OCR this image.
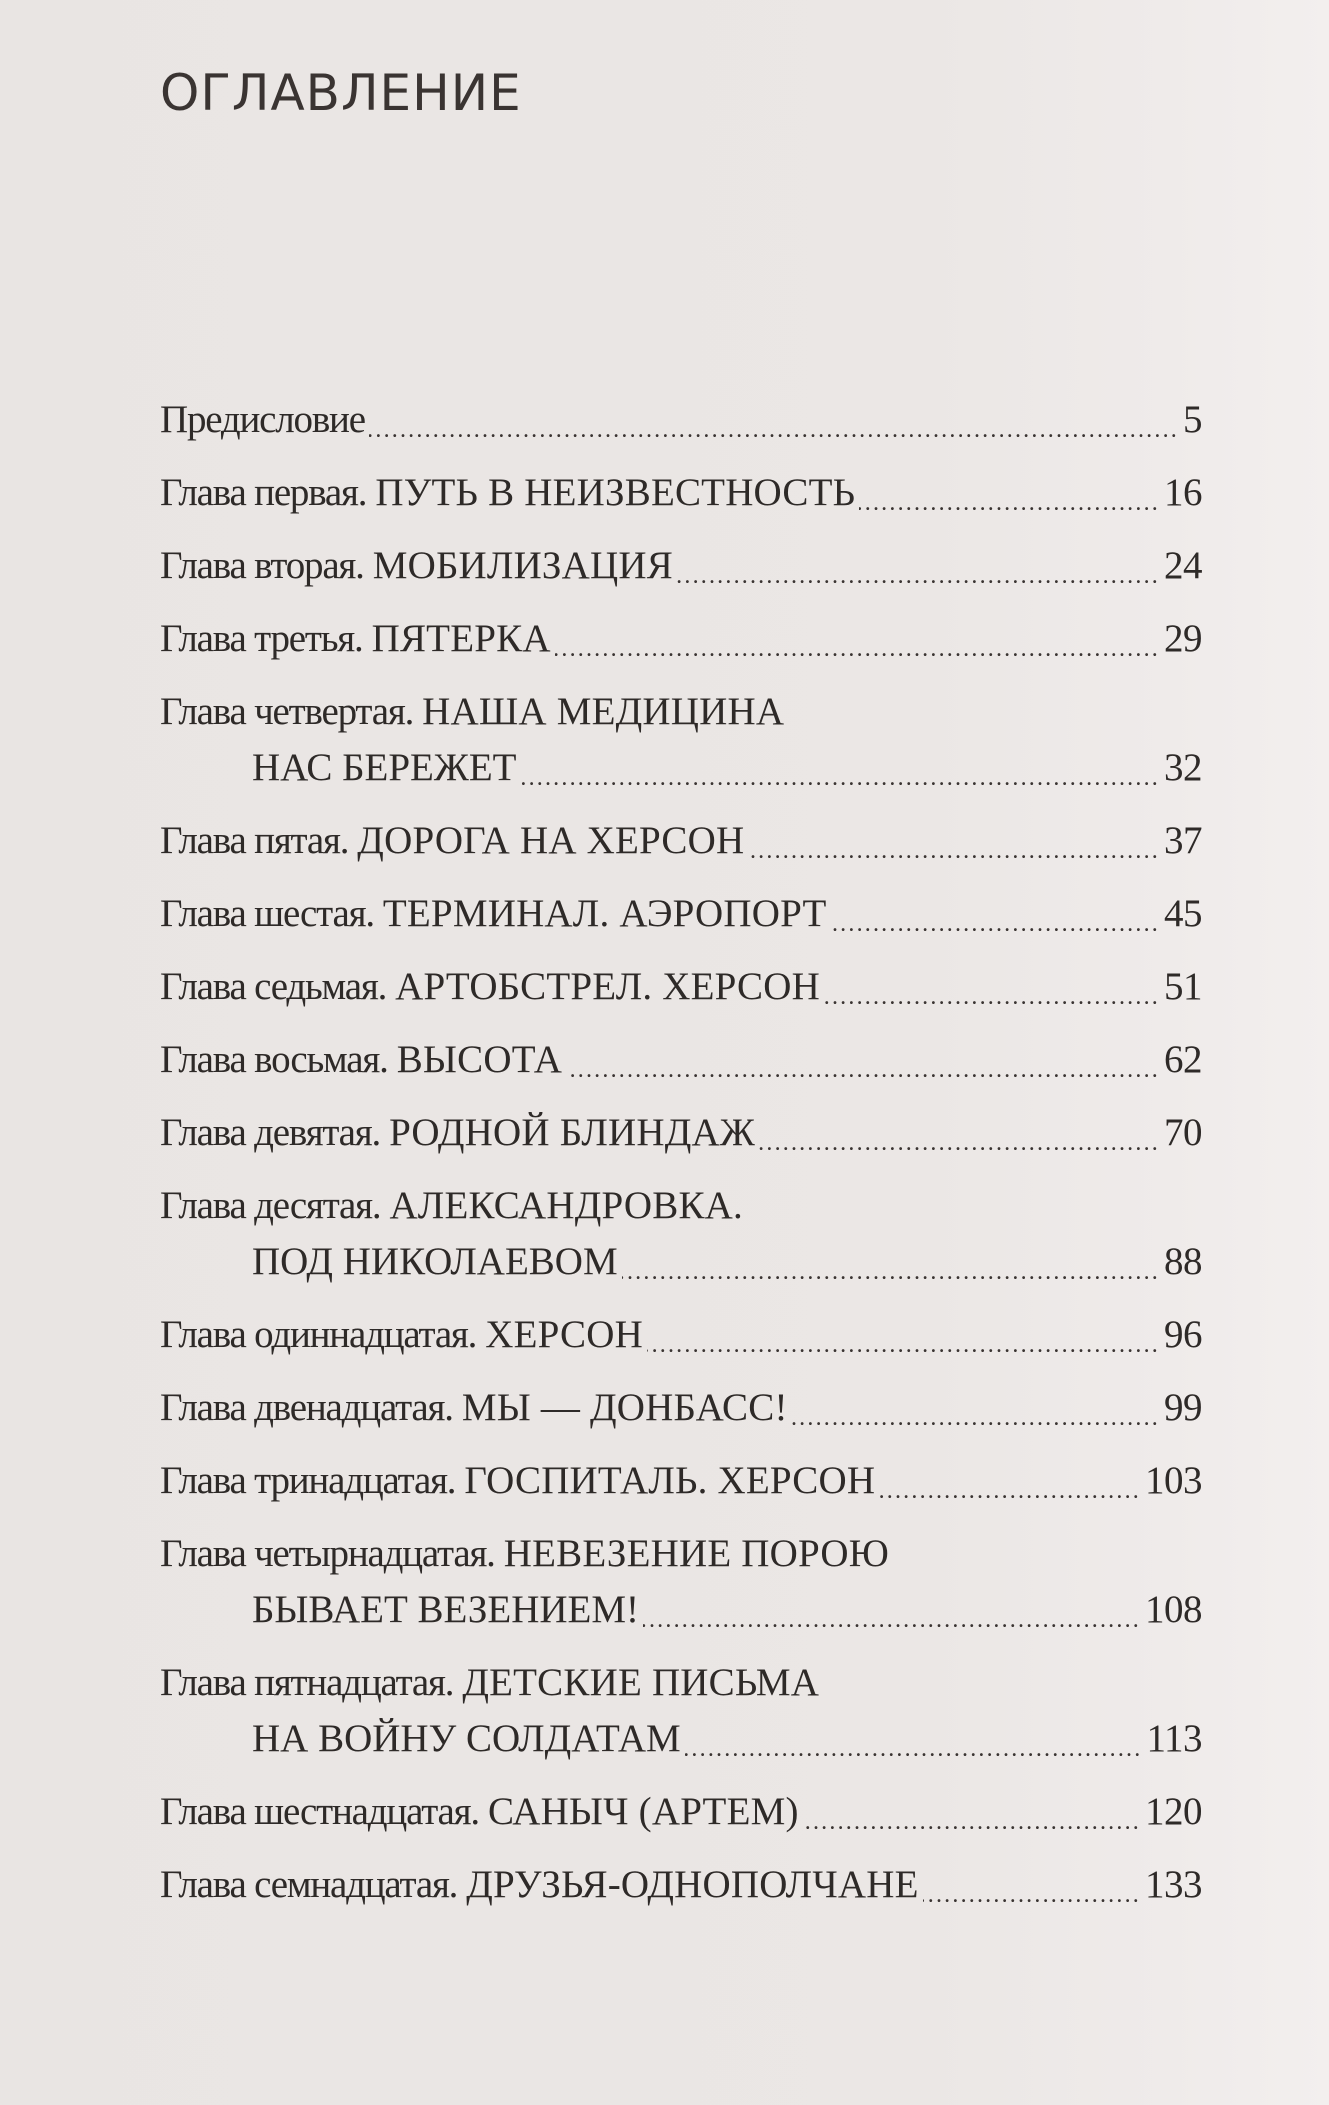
ОГЛАВЛЕНИЕ
Предисловие .....	5
Глава первая. ПУТЬ В НЕИЗВЕСТНОСТЬ .....	16
Глава вторая. МОБИЛИЗАЦИЯ .....	24
Глава третья. ПЯТЕРКА .....	29
Глава четвертая. НАША МЕДИЦИНА
НАС БЕРЕЖЕТ .....	32
Глава пятая. ДОРОГА НА ХЕРСОН .....	37
Глава шестая. ТЕРМИНАЛ. АЭРОПОРТ .....	45
Глава седьмая. АРТОБСТРЕЛ. ХЕРСОН .....	51
Глава восьмая. ВЫСОТА .....	62
Глава девятая. РОДНОЙ БЛИНДАЖ .....	70
Глава десятая. АЛЕКСАНДРОВКА.
ПОД НИКОЛАЕВОМ .....	88
Глава одиннадцатая. ХЕРСОН .....	96
Глава двенадцатая. МЫ — ДОНБАСС! .....	99
Глава тринадцатая. ГОСПИТАЛЬ. ХЕРСОН .....	103
Глава четырнадцатая. НЕВЕЗЕНИЕ ПОРОЮ
БЫВАЕТ ВЕЗЕНИЕМ! .....	108
Глава пятнадцатая. ДЕТСКИЕ ПИСЬМА
НА ВОЙНУ СОЛДАТАМ .....	113
Глава шестнадцатая. САНЫЧ (АРТЕМ) .....	120
Глава семнадцатая. ДРУЗЬЯ-ОДНОПОЛЧАНЕ .....	133
